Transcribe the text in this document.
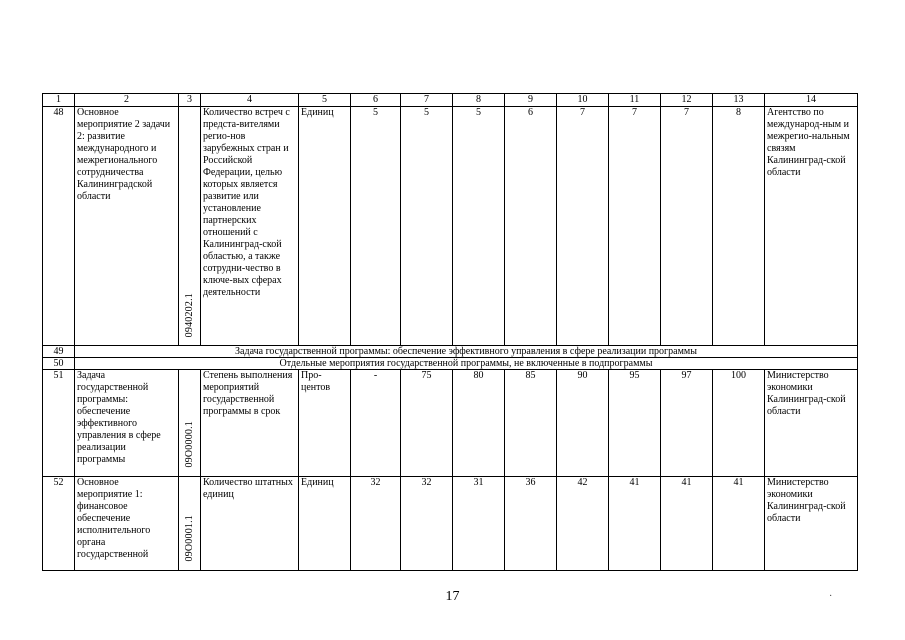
1	2	3	4	5	6	7	8	9	10	11	12	13	14
48	Основное мероприятие 2 задачи 2: развитие международного и межрегионального сотрудничества Калининградской области	0940202.1	Количество встреч с предста-вителями регио-нов зарубежных стран и Российской Федерации, целью которых является развитие или установление партнерских отношений с Калининград-ской областью, а также сотрудни-чество в ключе-вых сферах деятельности	Единиц	5	5	5	6	7	7	7	8	Агентство по международ-ным и межрегио-нальным связям Калининград-ской области
49	Задача государственной программы: обеспечение эффективного управления в сфере реализации программы												
50	Отдельные мероприятия государственной программы, не включенные в подпрограммы												
51	Задача государственной программы: обеспечение эффективного управления в сфере реализации программы	09О0000.1	Степень выполнения мероприятий государственной программы в срок	Про-центов	-	75	80	85	90	95	97	100	Министерство экономики Калининград-ской области
52	Основное мероприятие 1: финансовое обеспечение исполнительного органа государственной	09О0001.1	Количество штатных единиц	Единиц	32	32	31	36	42	41	41	41	Министерство экономики Калининград-ской области
17	·
